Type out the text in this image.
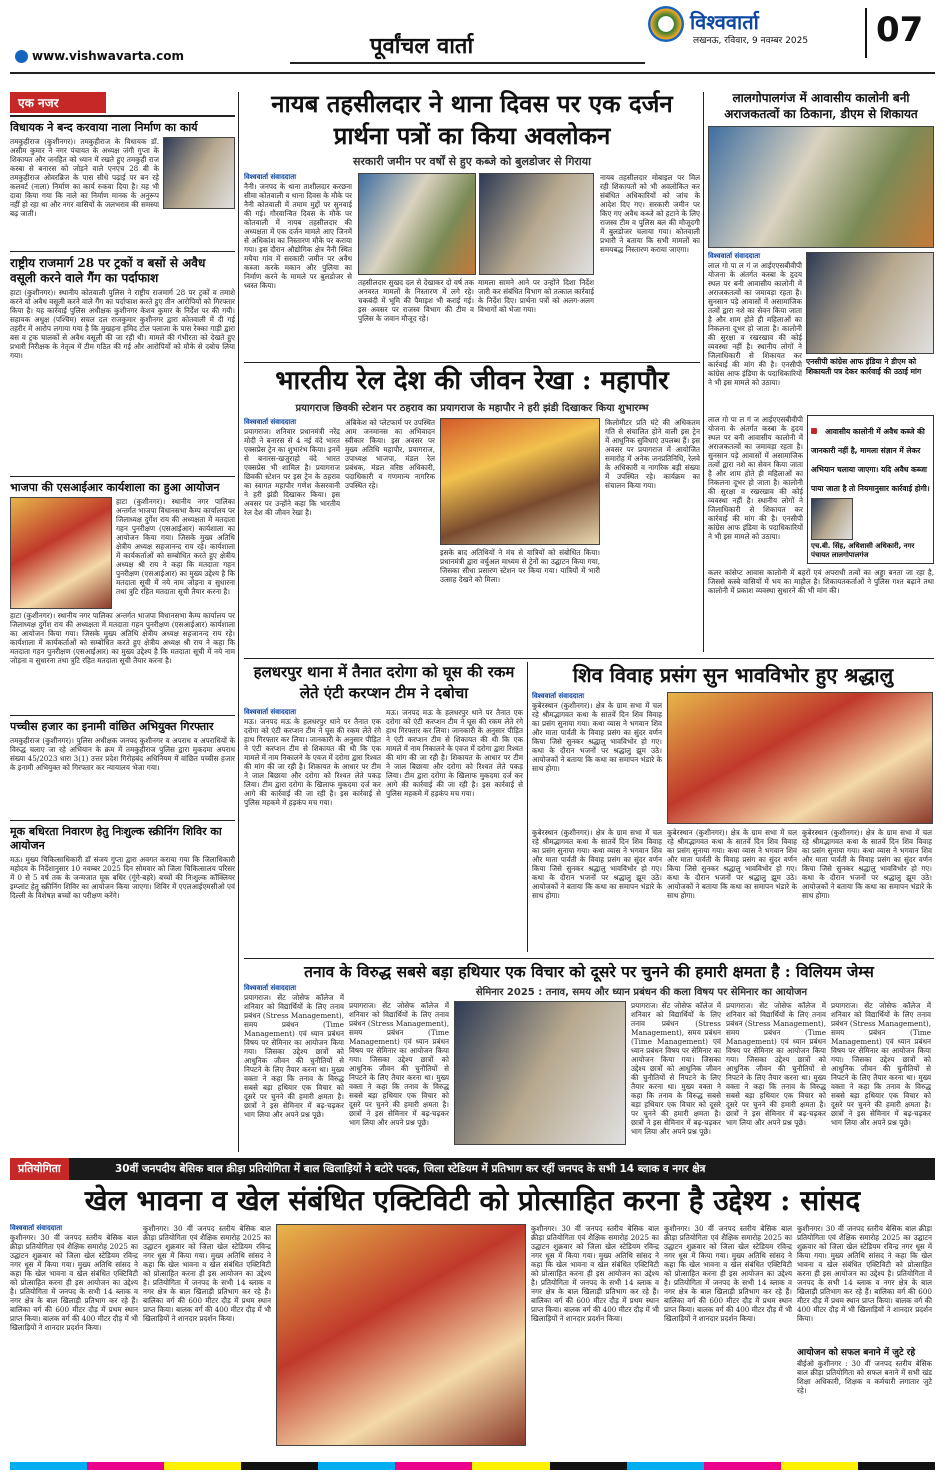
www.vishwavarta.com	पूर्वांचल वार्ता
विश्ववार्ता
लखनऊ, रविवार, 9 नवम्बर 2025 07
एक नजर
विधायक ने बन्द करवाया नाला निर्माण का कार्य
तमकुहीराज (कुशीनगर)। तमकुहीराज के विधायक डॉ. असीम कुमार ने नगर पंचायत के अध्यक्ष जंगी गुप्ता के शिकायत और जनहित को ध्यान में रखते हुए तमकुही राज कस्बा से बनारस को जोड़ने वाले एनएच 28 बी के तमकुहीराज ओवरब्रिज के पास सीधे पढ़ाई पर बन रहे कलवर्ट (नाला) निर्माण का कार्य रुकवा दिया है। यह भी दावा किया गया कि नाले का निर्माण मानक के अनुरूप नहीं हो रहा था और नगर वासियों के जलभराव की समस्या बढ़ जाती।
राष्ट्रीय राजमार्ग 28 पर ट्रकों व बसों से अवैध वसूली करने वाले गैंग का पर्दाफाश
हाटा (कुशीनगर)। स्थानीय कोतवाली पुलिस ने राष्ट्रीय राजमार्ग 28 पर ट्रकों व तमाशे करने वो अवैध वसूली करने वाले गैंग का पर्दाफाश करते हुए तीन आरोपियों को गिरफ्तार किया है। यह कार्रवाई पुलिस अधीक्षक कुशीनगर केशव कुमार के निर्देश पर की गयी। सहायक अधुक्ष (पश्चिम) सचल दल राजकुमार कुशीनगर द्वारा कोतवाली में दी गई तहरीर में आरोप लगाया गया है कि मुखहना हमिद टोल पलाजा के पास रेक्का गाड़ी द्वारा बस व ट्रक चालकों से अवैध वसूली की जा रही थी। मामले की गंभीरता को देखते हुए प्रभारी निरीक्षक के नेतृत्व में टीम गठित की गई और आरोपियों को मौके से दबोच लिया गया।
भाजपा की एसआईआर कार्यशाला का हुआ आयोजन
हाटा (कुशीनगर)। स्थानीय नगर पालिका अन्तर्गत भाजपा विधानसभा कैम्प कार्यालय पर जिलाध्यक्ष दुर्गेश राय की अध्यक्षता में मतदाता गहन पुनरीक्षण (एसआईआर) कार्यशाला का आयोजन किया गया। जिसके मुख्य अतिथि क्षेत्रीय अध्यक्ष सहजानन्द राय रहे। कार्यशाला में कार्यकर्ताओं को सम्बोधित करते हुए क्षेत्रीय अध्यक्ष श्री राय ने कहा कि मतदाता गहन पुनरीक्षण (एसआईआर) का मुख्य उद्देश्य है कि मतदाता सूची में नये नाम जोड़ना व सुधारना तथा त्रुटि रहित मतदाता सूची तैयार करना है।
हाटा (कुशीनगर)। स्थानीय नगर पालिका अन्तर्गत भाजपा विधानसभा कैम्प कार्यालय पर जिलाध्यक्ष दुर्गेश राय की अध्यक्षता में मतदाता गहन पुनरीक्षण (एसआईआर) कार्यशाला का आयोजन किया गया। जिसके मुख्य अतिथि क्षेत्रीय अध्यक्ष सहजानन्द राय रहे। कार्यशाला में कार्यकर्ताओं को सम्बोधित करते हुए क्षेत्रीय अध्यक्ष श्री राय ने कहा कि मतदाता गहन पुनरीक्षण (एसआईआर) का मुख्य उद्देश्य है कि मतदाता सूची में नये नाम जोड़ना व सुधारना तथा त्रुटि रहित मतदाता सूची तैयार करना है।
पच्चीस हजार का इनामी वांछित अभियुक्त गिरफ्तार
तमकुहीराज (कुशीनगर)। पुलिस अधीक्षक जनपद कुशीनगर व अपराध व अपराधियों के विरुद्ध चलाए जा रहे अभियान के क्रम में तमकुहीराज पुलिस द्वारा मुकदमा अपराध संख्या 45/2023 धारा 3(1) उत्तर प्रदेश गिरोहबंद अधिनियम में वांछित पच्चीस हजार के इनामी अभियुक्त को गिरफ्तार कर न्यायालय भेजा गया।
मूक बधिरता निवारण हेतु निःशुल्क स्क्रीनिंग शिविर का आयोजन
मऊ। मुख्य चिकित्साधिकारी डॉ संजय गुप्ता द्वारा अवगत कराया गया कि जिलाधिकारी महोदय के निर्देशानुसार 10 नवम्बर 2025 दिन सोमवार को जिला चिकित्सालय परिसर में 0 से 5 वर्ष तक के जन्मजात मूक बधिर (गूंगे-बहरे) बच्चों की निःशुल्क कॉक्लियर इम्प्लांट हेतु स्क्रीनिंग शिविर का आयोजन किया जाएगा। शिविर में एएलआईएमसीओ एवं दिल्ली के विशेषज्ञ बच्चों का परीक्षण करेंगे।
नायब तहसीलदार ने थाना दिवस पर एक दर्जन प्रार्थना पत्रों का किया अवलोकन
सरकारी जमीन पर वर्षों से हुए कब्जे को बुलडोजर से गिराया
विश्ववार्ता संवाददाता
नैनी। जनपद के थाना ताशीलदार करछना सीमा कोतवाली व थाना दिवस के मौके पर नैनी कोतवाली में तमाम मुद्दों पर सुनवाई की गई। गौरवान्वित दिवस के मौके पर कोतवाली में नायब तहसीलदार की अध्यक्षता में एक दर्जन मामले आए जिनमें से अधिकांश का निस्तारण मौके पर कराया गया। इस दौरान औद्योगिक क्षेत्र नैनी स्थित मयैया गांव में सरकारी जमीन पर अवैध कब्जा करके मकान और पुलिया का निर्माण करने के मामले पर बुलडोजर से ध्वस्त किया।	तहसीलदार सुखद दल से देखाकर दो वर्ष तक अनवरत मामलों के निस्तारण में लगे रहे। चकबंदी में भूमि की पैमाइश भी कराई गई। इस अवसर पर राजस्व विभाग की टीम व पुलिस के जवान मौजूद रहे।
मामला सामने आने पर उन्होंने दिशा निर्देश जारी कर संबंधित विभाग को तत्काल कार्रवाई के निर्देश दिए। प्रार्थना पत्रों को अलग-अलग विभागों को भेजा गया।
नायब तहसीलदार मोबाइल पर मिल रही शिकायतों को भी अवलोकित कर संबंधित अधिकारियों को जांच के आदेश दिए गए। सरकारी जमीन पर किए गए अवैध कब्जे को हटाने के लिए राजस्व टीम व पुलिस बल की मौजूदगी में बुलडोजर चलाया गया। कोतवाली प्रभारी ने बताया कि सभी मामलों का समयबद्ध निस्तारण कराया जाएगा।
लालगोपालगंज में आवासीय कालोनी बनी अराजकतत्वों का ठिकाना, डीएम से शिकायत
विश्ववार्ता संवाददाता
लाल गो पा ल गं ज आईएएसबीवीपी योजना के अंतर्गत कस्बा के हृदय स्थल पर बनी आवासीय कालोनी में अराजकतत्वों का जमावड़ा रहता है। सुनसान पड़े आवासों में असामाजिक तत्वों द्वारा नशे का सेवन किया जाता है और शाम होते ही महिलाओं का निकलना दूभर हो जाता है। कालोनी की सुरक्षा व रखरखाव की कोई व्यवस्था नहीं है। स्थानीय लोगों ने जिलाधिकारी से शिकायत कर कार्रवाई की मांग की है। एनसीपी कांग्रेस आफ इंडिया के पदाधिकारियों ने भी इस मामले को उठाया।
एनसीपी कांग्रेस आफ इंडिया ने डीएम को शिकायती पत्र देकर कार्रवाई की उठाई मांग
लाल गो पा ल गं ज आईएएसबीवीपी योजना के अंतर्गत कस्बा के हृदय स्थल पर बनी आवासीय कालोनी में अराजकतत्वों का जमावड़ा रहता है। सुनसान पड़े आवासों में असामाजिक तत्वों द्वारा नशे का सेवन किया जाता है और शाम होते ही महिलाओं का निकलना दूभर हो जाता है। कालोनी की सुरक्षा व रखरखाव की कोई व्यवस्था नहीं है। स्थानीय लोगों ने जिलाधिकारी से शिकायत कर कार्रवाई की मांग की है। एनसीपी कांग्रेस आफ इंडिया के पदाधिकारियों ने भी इस मामले को उठाया।
आवासीय कालोनी में अवैध कब्जे की जानकारी नहीं है, मामला संज्ञान में लेकर अभियान चलाया जाएगा। यदि अवैध कब्जा पाया जाता है तो नियमानुसार कार्रवाई होगी।
एच.बी. सिंह, अधिशासी अधिकारी, नगर पंचायत लालगोपालगंज
कलर कांसेप्ट आवास कालोनी में बहरों एवं अपराधी तत्वों का अड्डा बनता जा रहा है, जिससे कस्बे वासियों में भय का माहौल है। शिकायतकर्ताओं ने पुलिस गश्त बढ़ाने तथा कालोनी में प्रकाश व्यवस्था सुधारने की भी मांग की।
भारतीय रेल देश की जीवन रेखा : महापौर
प्रयागराज छिवकी स्टेशन पर ठहराव का प्रयागराज के महापौर ने हरी झंडी दिखाकर किया शुभारम्भ
विश्ववार्ता संवाददाता
प्रयागराज। शनिवार प्रधानमंत्री नरेंद्र मोदी ने बनारस से 4 नई वंदे भारत एक्सप्रेस ट्रेन का शुभारंभ किया। इनमें से बनारस-खजुराहो वंदे भारत एक्सप्रेस भी शामिल है। प्रयागराज छिवकी स्टेशन पर इस ट्रेन के ठहराव का स्वागत महापौर गणेश केसरवानी ने हरी झंडी दिखाकर किया। इस अवसर पर उन्होंने कहा कि भारतीय रेल देश की जीवन रेखा है।
अंबिकेश को प्लेटफार्म पर उपस्थित आम जनमानस का अभिवादन स्वीकार किया। इस अवसर पर मुख्य अतिथि महापौर, प्रयागराज, उपाध्यक्ष भाजपा, मंडल रेल प्रबंधक, मंडल वरिष्ठ अधिकारी, पदाधिकारी व गणमान्य नागरिक उपस्थित रहे।
इसके बाद अतिथियों ने मंच से यात्रियों को संबोधित किया। प्रधानमंत्री द्वारा वर्चुअल माध्यम से ट्रेनों का उद्घाटन किया गया, जिसका सीधा प्रसारण स्टेशन पर किया गया। यात्रियों में भारी उत्साह देखने को मिला।
किलोमीटर प्रति घंटे की अधिकतम गति से संचालित होने वाली इस ट्रेन में आधुनिक सुविधाएं उपलब्ध हैं। इस अवसर पर प्रयागराज में आयोजित समारोह में अनेक जनप्रतिनिधि, रेलवे के अधिकारी व नागरिक बड़ी संख्या में उपस्थित रहे। कार्यक्रम का संचालन किया गया।
हलधरपुर थाना में तैनात दरोगा को घूस की रकम लेते एंटी करप्शन टीम ने दबोचा
विश्ववार्ता संवाददाता
मऊ। जनपद मऊ के हलधरपुर थाने पर तैनात एक दरोगा को एंटी करप्शन टीम ने घूस की रकम लेते रंगे हाथ गिरफ्तार कर लिया। जानकारी के अनुसार पीड़ित ने एंटी करप्शन टीम से शिकायत की थी कि एक मामले में नाम निकालने के एवज में दरोगा द्वारा रिश्वत की मांग की जा रही है। शिकायत के आधार पर टीम ने जाल बिछाया और दरोगा को रिश्वत लेते पकड़ लिया। टीम द्वारा दरोगा के खिलाफ मुकदमा दर्ज कर आगे की कार्रवाई की जा रही है। इस कार्रवाई से पुलिस महकमे में हड़कंप मच गया।
मऊ। जनपद मऊ के हलधरपुर थाने पर तैनात एक दरोगा को एंटी करप्शन टीम ने घूस की रकम लेते रंगे हाथ गिरफ्तार कर लिया। जानकारी के अनुसार पीड़ित ने एंटी करप्शन टीम से शिकायत की थी कि एक मामले में नाम निकालने के एवज में दरोगा द्वारा रिश्वत की मांग की जा रही है। शिकायत के आधार पर टीम ने जाल बिछाया और दरोगा को रिश्वत लेते पकड़ लिया। टीम द्वारा दरोगा के खिलाफ मुकदमा दर्ज कर आगे की कार्रवाई की जा रही है। इस कार्रवाई से पुलिस महकमे में हड़कंप मच गया।
शिव विवाह प्रसंग सुन भावविभोर हुए श्रद्धालु
विश्ववार्ता संवाददाता
कुबेरस्थान (कुशीनगर)। क्षेत्र के ग्राम सभा में चल रहे श्रीमद्भागवत कथा के सातवें दिन शिव विवाह का प्रसंग सुनाया गया। कथा व्यास ने भगवान शिव और माता पार्वती के विवाह प्रसंग का सुंदर वर्णन किया जिसे सुनकर श्रद्धालु भावविभोर हो गए। कथा के दौरान भजनों पर श्रद्धालु झूम उठे। आयोजकों ने बताया कि कथा का समापन भंडारे के साथ होगा।
कुबेरस्थान (कुशीनगर)। क्षेत्र के ग्राम सभा में चल रहे श्रीमद्भागवत कथा के सातवें दिन शिव विवाह का प्रसंग सुनाया गया। कथा व्यास ने भगवान शिव और माता पार्वती के विवाह प्रसंग का सुंदर वर्णन किया जिसे सुनकर श्रद्धालु भावविभोर हो गए। कथा के दौरान भजनों पर श्रद्धालु झूम उठे। आयोजकों ने बताया कि कथा का समापन भंडारे के साथ होगा।
कुबेरस्थान (कुशीनगर)। क्षेत्र के ग्राम सभा में चल रहे श्रीमद्भागवत कथा के सातवें दिन शिव विवाह का प्रसंग सुनाया गया। कथा व्यास ने भगवान शिव और माता पार्वती के विवाह प्रसंग का सुंदर वर्णन किया जिसे सुनकर श्रद्धालु भावविभोर हो गए। कथा के दौरान भजनों पर श्रद्धालु झूम उठे। आयोजकों ने बताया कि कथा का समापन भंडारे के साथ होगा।
कुबेरस्थान (कुशीनगर)। क्षेत्र के ग्राम सभा में चल रहे श्रीमद्भागवत कथा के सातवें दिन शिव विवाह का प्रसंग सुनाया गया। कथा व्यास ने भगवान शिव और माता पार्वती के विवाह प्रसंग का सुंदर वर्णन किया जिसे सुनकर श्रद्धालु भावविभोर हो गए। कथा के दौरान भजनों पर श्रद्धालु झूम उठे। आयोजकों ने बताया कि कथा का समापन भंडारे के साथ होगा।
तनाव के विरुद्ध सबसे बड़ा हथियार एक विचार को दूसरे पर चुनने की हमारी क्षमता है : विलियम जेम्स
विश्ववार्ता संवाददाता
प्रयागराज। सेंट जोसेफ कॉलेज में शनिवार को विद्यार्थियों के लिए तनाव प्रबंधन (Stress Management), समय प्रबंधन (Time Management) एवं ध्यान प्रबंधन विषय पर सेमिनार का आयोजन किया गया। जिसका उद्देश्य छात्रों को आधुनिक जीवन की चुनौतियों से निपटने के लिए तैयार करना था। मुख्य वक्ता ने कहा कि तनाव के विरुद्ध सबसे बड़ा हथियार एक विचार को दूसरे पर चुनने की हमारी क्षमता है। छात्रों ने इस सेमिनार में बढ़-चढ़कर भाग लिया और अपने प्रश्न पूछे।
सेमिनार 2025 : तनाव, समय और ध्यान प्रबंधन की कला विषय पर सेमिनार का आयोजन
प्रयागराज। सेंट जोसेफ कॉलेज में शनिवार को विद्यार्थियों के लिए तनाव प्रबंधन (Stress Management), समय प्रबंधन (Time Management) एवं ध्यान प्रबंधन विषय पर सेमिनार का आयोजन किया गया। जिसका उद्देश्य छात्रों को आधुनिक जीवन की चुनौतियों से निपटने के लिए तैयार करना था। मुख्य वक्ता ने कहा कि तनाव के विरुद्ध सबसे बड़ा हथियार एक विचार को दूसरे पर चुनने की हमारी क्षमता है। छात्रों ने इस सेमिनार में बढ़-चढ़कर भाग लिया और अपने प्रश्न पूछे।
प्रयागराज। सेंट जोसेफ कॉलेज में शनिवार को विद्यार्थियों के लिए तनाव प्रबंधन (Stress Management), समय प्रबंधन (Time Management) एवं ध्यान प्रबंधन विषय पर सेमिनार का आयोजन किया गया। जिसका उद्देश्य छात्रों को आधुनिक जीवन की चुनौतियों से निपटने के लिए तैयार करना था। मुख्य वक्ता ने कहा कि तनाव के विरुद्ध सबसे बड़ा हथियार एक विचार को दूसरे पर चुनने की हमारी क्षमता है। छात्रों ने इस सेमिनार में बढ़-चढ़कर भाग लिया और अपने प्रश्न पूछे।
प्रयागराज। सेंट जोसेफ कॉलेज में शनिवार को विद्यार्थियों के लिए तनाव प्रबंधन (Stress Management), समय प्रबंधन (Time Management) एवं ध्यान प्रबंधन विषय पर सेमिनार का आयोजन किया गया। जिसका उद्देश्य छात्रों को आधुनिक जीवन की चुनौतियों से निपटने के लिए तैयार करना था। मुख्य वक्ता ने कहा कि तनाव के विरुद्ध सबसे बड़ा हथियार एक विचार को दूसरे पर चुनने की हमारी क्षमता है। छात्रों ने इस सेमिनार में बढ़-चढ़कर भाग लिया और अपने प्रश्न पूछे।
प्रयागराज। सेंट जोसेफ कॉलेज में शनिवार को विद्यार्थियों के लिए तनाव प्रबंधन (Stress Management), समय प्रबंधन (Time Management) एवं ध्यान प्रबंधन विषय पर सेमिनार का आयोजन किया गया। जिसका उद्देश्य छात्रों को आधुनिक जीवन की चुनौतियों से निपटने के लिए तैयार करना था। मुख्य वक्ता ने कहा कि तनाव के विरुद्ध सबसे बड़ा हथियार एक विचार को दूसरे पर चुनने की हमारी क्षमता है। छात्रों ने इस सेमिनार में बढ़-चढ़कर भाग लिया और अपने प्रश्न पूछे।
प्रतियोगिता	30वीं जनपदीय बेसिक बाल क्रीड़ा प्रतियोगिता में बाल खिलाड़ियों ने बटोरे पदक, जिला स्टेडियम में प्रतिभाग कर रहीं जनपद के सभी 14 ब्लाक व नगर क्षेत्र
खेल भावना व खेल संबंधित एक्टिविटी को प्रोत्साहित करना है उद्देश्य : सांसद
विश्ववार्ता संवाददाता
कुशीनगर। 30 वीं जनपद स्तरीय बेसिक बाल क्रीड़ा प्रतियोगिता एवं शैक्षिक समारोह 2025 का उद्घाटन शुक्रवार को जिला खेल स्टेडियम रविन्द्र नगर धूस में किया गया। मुख्य अतिथि सांसद ने कहा कि खेल भावना व खेल संबंधित एक्टिविटी को प्रोत्साहित करना ही इस आयोजन का उद्देश्य है। प्रतियोगिता में जनपद के सभी 14 ब्लाक व नगर क्षेत्र के बाल खिलाड़ी प्रतिभाग कर रहे हैं। बालिका वर्ग की 600 मीटर दौड़ में प्रथम स्थान प्राप्त किया। बालक वर्ग की 400 मीटर दौड़ में भी खिलाड़ियों ने शानदार प्रदर्शन किया।
कुशीनगर। 30 वीं जनपद स्तरीय बेसिक बाल क्रीड़ा प्रतियोगिता एवं शैक्षिक समारोह 2025 का उद्घाटन शुक्रवार को जिला खेल स्टेडियम रविन्द्र नगर धूस में किया गया। मुख्य अतिथि सांसद ने कहा कि खेल भावना व खेल संबंधित एक्टिविटी को प्रोत्साहित करना ही इस आयोजन का उद्देश्य है। प्रतियोगिता में जनपद के सभी 14 ब्लाक व नगर क्षेत्र के बाल खिलाड़ी प्रतिभाग कर रहे हैं। बालिका वर्ग की 600 मीटर दौड़ में प्रथम स्थान प्राप्त किया। बालक वर्ग की 400 मीटर दौड़ में भी खिलाड़ियों ने शानदार प्रदर्शन किया।
कुशीनगर। 30 वीं जनपद स्तरीय बेसिक बाल क्रीड़ा प्रतियोगिता एवं शैक्षिक समारोह 2025 का उद्घाटन शुक्रवार को जिला खेल स्टेडियम रविन्द्र नगर धूस में किया गया। मुख्य अतिथि सांसद ने कहा कि खेल भावना व खेल संबंधित एक्टिविटी को प्रोत्साहित करना ही इस आयोजन का उद्देश्य है। प्रतियोगिता में जनपद के सभी 14 ब्लाक व नगर क्षेत्र के बाल खिलाड़ी प्रतिभाग कर रहे हैं। बालिका वर्ग की 600 मीटर दौड़ में प्रथम स्थान प्राप्त किया। बालक वर्ग की 400 मीटर दौड़ में भी खिलाड़ियों ने शानदार प्रदर्शन किया।
कुशीनगर। 30 वीं जनपद स्तरीय बेसिक बाल क्रीड़ा प्रतियोगिता एवं शैक्षिक समारोह 2025 का उद्घाटन शुक्रवार को जिला खेल स्टेडियम रविन्द्र नगर धूस में किया गया। मुख्य अतिथि सांसद ने कहा कि खेल भावना व खेल संबंधित एक्टिविटी को प्रोत्साहित करना ही इस आयोजन का उद्देश्य है। प्रतियोगिता में जनपद के सभी 14 ब्लाक व नगर क्षेत्र के बाल खिलाड़ी प्रतिभाग कर रहे हैं। बालिका वर्ग की 600 मीटर दौड़ में प्रथम स्थान प्राप्त किया। बालक वर्ग की 400 मीटर दौड़ में भी खिलाड़ियों ने शानदार प्रदर्शन किया।
कुशीनगर। 30 वीं जनपद स्तरीय बेसिक बाल क्रीड़ा प्रतियोगिता एवं शैक्षिक समारोह 2025 का उद्घाटन शुक्रवार को जिला खेल स्टेडियम रविन्द्र नगर धूस में किया गया। मुख्य अतिथि सांसद ने कहा कि खेल भावना व खेल संबंधित एक्टिविटी को प्रोत्साहित करना ही इस आयोजन का उद्देश्य है। प्रतियोगिता में जनपद के सभी 14 ब्लाक व नगर क्षेत्र के बाल खिलाड़ी प्रतिभाग कर रहे हैं। बालिका वर्ग की 600 मीटर दौड़ में प्रथम स्थान प्राप्त किया। बालक वर्ग की 400 मीटर दौड़ में भी खिलाड़ियों ने शानदार प्रदर्शन किया।
आयोजन को सफल बनाने में जुटे रहे
बीईओ कुशीनगर : 30 वीं जनपद स्तरीय बेसिक बाल क्रीड़ा प्रतियोगिता को सफल बनाने में सभी खंड शिक्षा अधिकारी, शिक्षक व कर्मचारी लगातार जुटे रहे।
